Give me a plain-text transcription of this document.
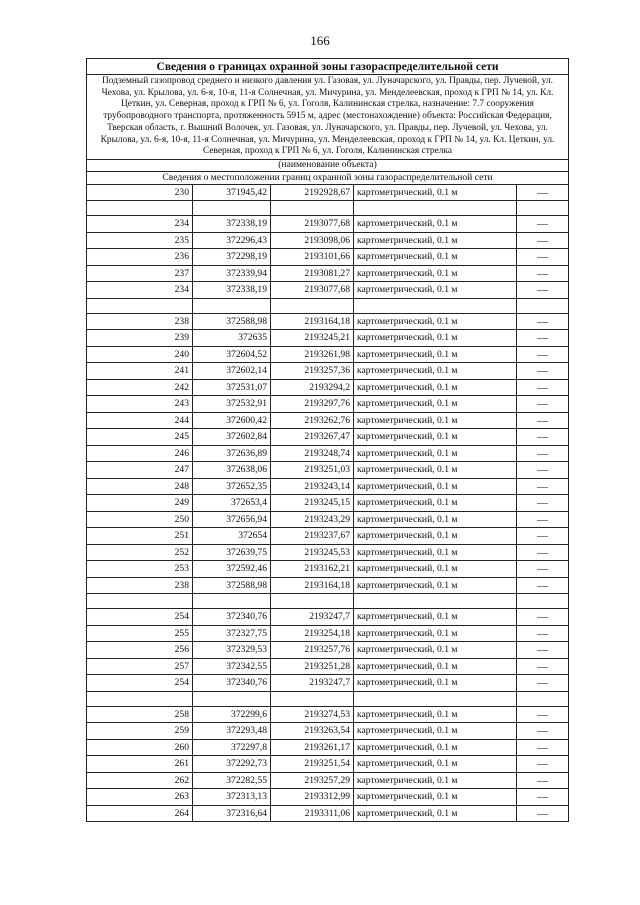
166
Сведения о границах охранной зоны газораспределительной сети				
Подземный газопровод среднего и низкого давления ул. Газовая, ул. Луначарского, ул. Правды, пер. Лучевой, ул. Чехова, ул. Крылова, ул. 6-я, 10-я, 11-я Солнечная, ул. Мичурина, ул. Менделеевская, проход к ГРП № 14, ул. Кл. Цеткин, ул. Северная, проход к ГРП № 6, ул. Гоголя, Калининская стрелка, назначение: 7.7 сооружения трубопроводного транспорта, протяженность 5915 м, адрес (местонахождение) объекта: Российская Федерация, Тверская область, г. Вышний Волочек, ул. Газовая, ул. Луначарского, ул. Правды, пер. Лучевой, ул. Чехова, ул. Крылова, ул. 6-я, 10-я, 11-я Солнечная, ул. Мичурина, ул. Менделеевская, проход к ГРП № 14, ул. Кл. Цеткин, ул. Северная, проход к ГРП № 6, ул. Гоголя, Калининская стрелка				
(наименование объекта)				
Сведения о местоположении границ охранной зоны газораспределительной сети				
230	371945,42	2192928,67	картометрический, 0.1 м	—

234	372338,19	2193077,68	картометрический, 0.1 м	—
235	372296,43	2193098,06	картометрический, 0.1 м	—
236	372298,19	2193101,66	картометрический, 0.1 м	—
237	372339,94	2193081,27	картометрический, 0.1 м	—
234	372338,19	2193077,68	картометрический, 0.1 м	—

238	372588,98	2193164,18	картометрический, 0.1 м	—
239	372635	2193245,21	картометрический, 0.1 м	—
240	372604,52	2193261,98	картометрический, 0.1 м	—
241	372602,14	2193257,36	картометрический, 0.1 м	—
242	372531,07	2193294,2	картометрический, 0.1 м	—
243	372532,91	2193297,76	картометрический, 0.1 м	—
244	372600,42	2193262,76	картометрический, 0.1 м	—
245	372602,84	2193267,47	картометрический, 0.1 м	—
246	372636,89	2193248,74	картометрический, 0.1 м	—
247	372638,06	2193251,03	картометрический, 0.1 м	—
248	372652,35	2193243,14	картометрический, 0.1 м	—
249	372653,4	2193245,15	картометрический, 0.1 м	—
250	372656,94	2193243,29	картометрический, 0.1 м	—
251	372654	2193237,67	картометрический, 0.1 м	—
252	372639,75	2193245,53	картометрический, 0.1 м	—
253	372592,46	2193162,21	картометрический, 0.1 м	—
238	372588,98	2193164,18	картометрический, 0.1 м	—

254	372340,76	2193247,7	картометрический, 0.1 м	—
255	372327,75	2193254,18	картометрический, 0.1 м	—
256	372329,53	2193257,76	картометрический, 0.1 м	—
257	372342,55	2193251,28	картометрический, 0.1 м	—
254	372340,76	2193247,7	картометрический, 0.1 м	—

258	372299,6	2193274,53	картометрический, 0.1 м	—
259	372293,48	2193263,54	картометрический, 0.1 м	—
260	372297,8	2193261,17	картометрический, 0.1 м	—
261	372292,73	2193251,54	картометрический, 0.1 м	—
262	372282,55	2193257,29	картометрический, 0.1 м	—
263	372313,13	2193312,99	картометрический, 0.1 м	—
264	372316,64	2193311,06	картометрический, 0.1 м	—
